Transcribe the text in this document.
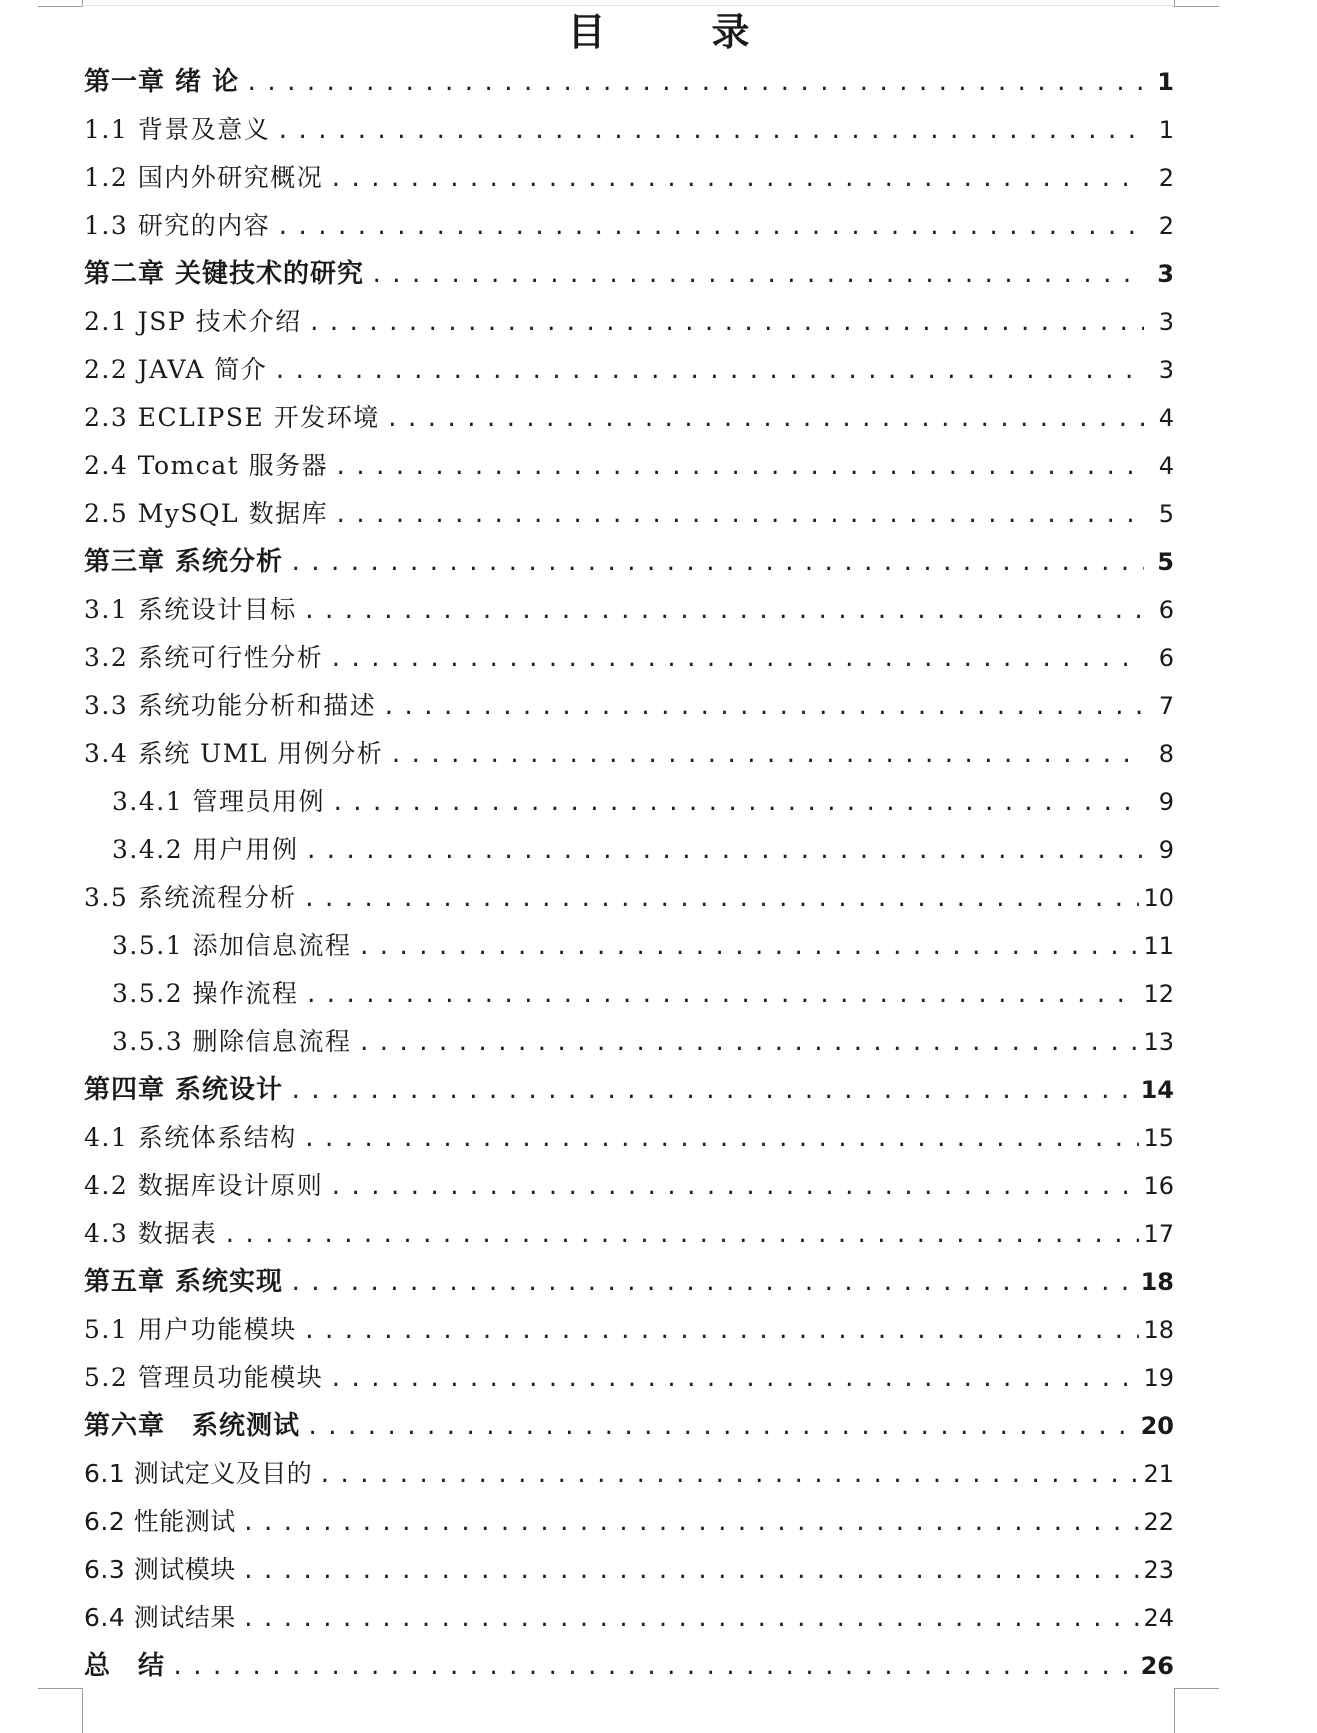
目　录
第一章 绪 论 .....	1
1.1 背景及意义 .....	1
1.2 国内外研究概况 .....	2
1.3 研究的内容 .....	2
第二章 关键技术的研究 .....	3
2.1 JSP 技术介绍 .....	3
2.2 JAVA 简介 .....	3
2.3 ECLIPSE 开发环境 .....	4
2.4 Tomcat 服务器 .....	4
2.5 MySQL 数据库 .....	5
第三章 系统分析 .....	5
3.1 系统设计目标 .....	6
3.2 系统可行性分析 .....	6
3.3 系统功能分析和描述 .....	7
3.4 系统 UML 用例分析 .....	8
3.4.1 管理员用例 .....	9
3.4.2 用户用例 .....	9
3.5 系统流程分析 .....	10
3.5.1 添加信息流程 .....	11
3.5.2 操作流程 .....	12
3.5.3 删除信息流程 .....	13
第四章 系统设计 .....	14
4.1 系统体系结构 .....	15
4.2 数据库设计原则 .....	16
4.3 数据表 .....	17
第五章 系统实现 .....	18
5.1 用户功能模块 .....	18
5.2 管理员功能模块 .....	19
第六章　系统测试 .....	20
6.1 测试定义及目的 .....	21
6.2 性能测试 .....	22
6.3 测试模块 .....	23
6.4 测试结果 .....	24
总　结 .....	26
